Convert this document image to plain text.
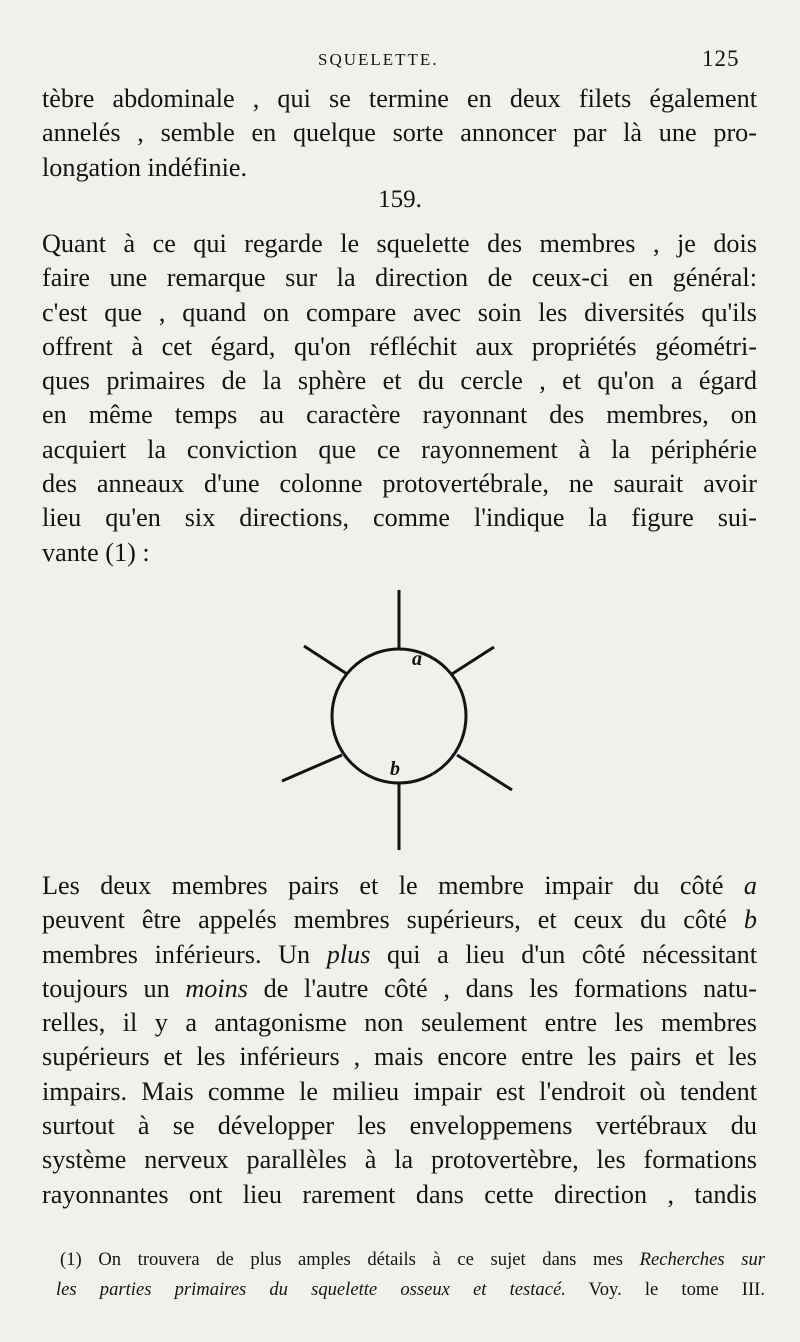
SQUELETTE.	125
tèbre abdominale , qui se termine en deux filets également
annelés , semble en quelque sorte annoncer par là une pro-
longation indéfinie.
159.
Quant à ce qui regarde le squelette des membres , je dois
faire une remarque sur la direction de ceux-ci en général:
c'est que , quand on compare avec soin les diversités qu'ils
offrent à cet égard, qu'on réfléchit aux propriétés géométri-
ques primaires de la sphère et du cercle , et qu'on a égard
en même temps au caractère rayonnant des membres, on
acquiert la conviction que ce rayonnement à la périphérie
des anneaux d'une colonne protovertébrale, ne saurait avoir
lieu qu'en six directions, comme l'indique la figure sui-
vante (1) :
a
b
Les deux membres pairs et le membre impair du côté a
peuvent être appelés membres supérieurs, et ceux du côté b
membres inférieurs. Un plus qui a lieu d'un côté nécessitant
toujours un moins de l'autre côté , dans les formations natu-
relles, il y a antagonisme non seulement entre les membres
supérieurs et les inférieurs , mais encore entre les pairs et les
impairs. Mais comme le milieu impair est l'endroit où tendent
surtout à se développer les enveloppemens vertébraux du
système nerveux parallèles à la protovertèbre, les formations
rayonnantes ont lieu rarement dans cette direction , tandis
(1) On trouvera de plus amples détails à ce sujet dans mes Recherches sur
les parties primaires du squelette osseux et testacé. Voy. le tome III.
